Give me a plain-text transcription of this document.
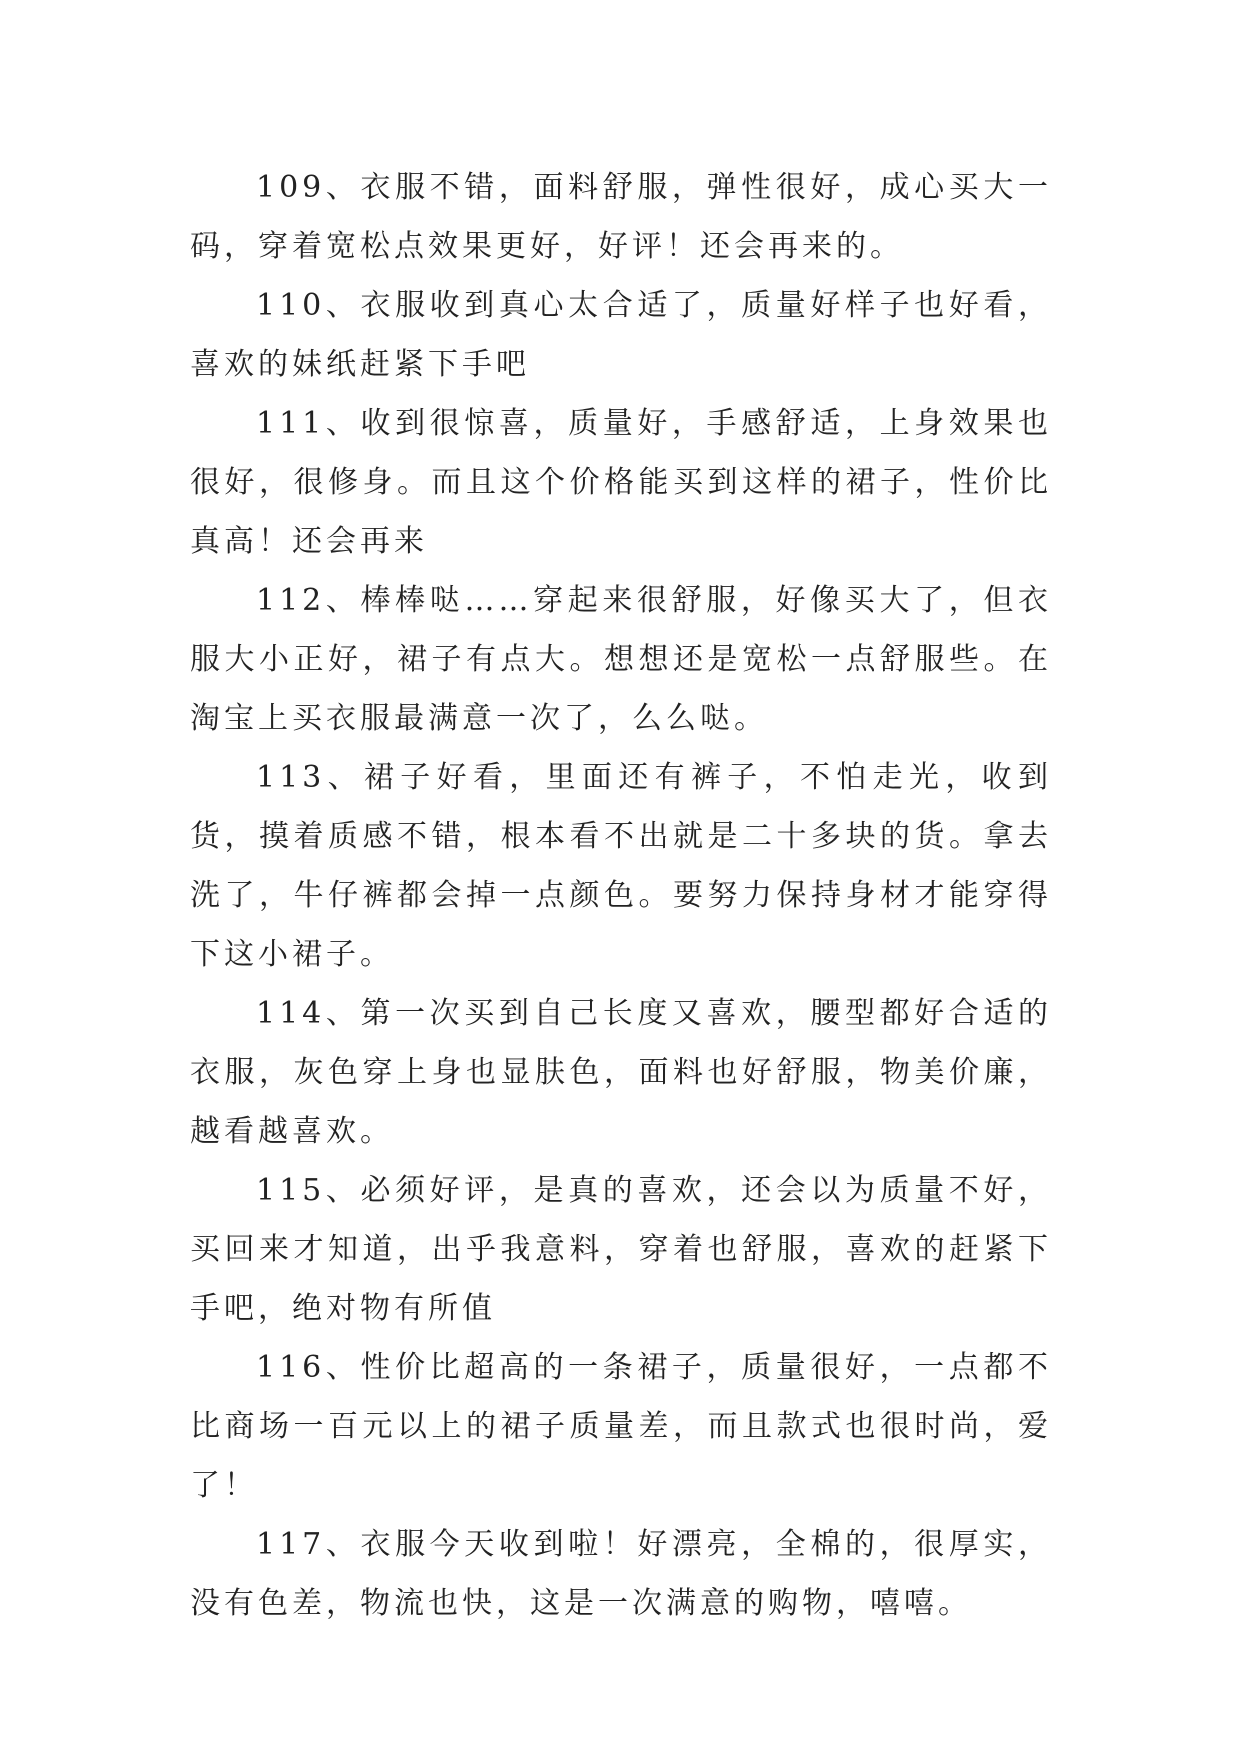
109、衣服不错，面料舒服，弹性很好，成心买大一码，穿着宽松点效果更好，好评！还会再来的。

110、衣服收到真心太合适了，质量好样子也好看，喜欢的妹纸赶紧下手吧

111、收到很惊喜，质量好，手感舒适，上身效果也很好，很修身。而且这个价格能买到这样的裙子，性价比真高！还会再来

112、棒棒哒……穿起来很舒服，好像买大了，但衣服大小正好，裙子有点大。想想还是宽松一点舒服些。在淘宝上买衣服最满意一次了，么么哒。

113、裙子好看，里面还有裤子，不怕走光，收到货，摸着质感不错，根本看不出就是二十多块的货。拿去洗了，牛仔裤都会掉一点颜色。要努力保持身材才能穿得下这小裙子。

114、第一次买到自己长度又喜欢，腰型都好合适的衣服，灰色穿上身也显肤色，面料也好舒服，物美价廉，越看越喜欢。

115、必须好评，是真的喜欢，还会以为质量不好，买回来才知道，出乎我意料，穿着也舒服，喜欢的赶紧下手吧，绝对物有所值

116、性价比超高的一条裙子，质量很好，一点都不比商场一百元以上的裙子质量差，而且款式也很时尚，爱了！

117、衣服今天收到啦！好漂亮，全棉的，很厚实，没有色差，物流也快，这是一次满意的购物，嘻嘻。
